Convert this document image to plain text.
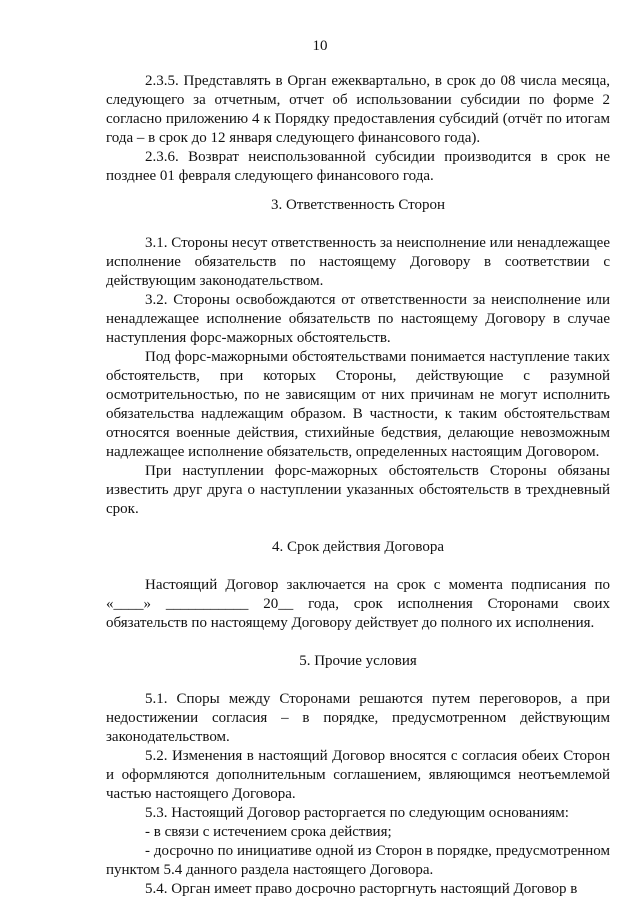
10

2.3.5. Представлять в Орган ежеквартально, в срок до 08 числа месяца, следующего за отчетным, отчет об использовании субсидии по форме 2 согласно приложению 4 к Порядку предоставления субсидий (отчёт по итогам года – в срок до 12 января следующего финансового года).

2.3.6. Возврат неиспользованной субсидии производится в срок не позднее 01 февраля следующего финансового года.

3. Ответственность Сторон

3.1. Стороны несут ответственность за неисполнение или ненадлежащее исполнение обязательств по настоящему Договору в соответствии с действующим законодательством.

3.2. Стороны освобождаются от ответственности за неисполнение или ненадлежащее исполнение обязательств по настоящему Договору в случае наступления форс-мажорных обстоятельств.

Под форс-мажорными обстоятельствами понимается наступление таких обстоятельств, при которых Стороны, действующие с разумной осмотрительностью, по не зависящим от них причинам не могут исполнить обязательства надлежащим образом. В частности, к таким обстоятельствам относятся военные действия, стихийные бедствия, делающие невозможным надлежащее исполнение обязательств, определенных настоящим Договором.

При наступлении форс-мажорных обстоятельств Стороны обязаны известить друг друга о наступлении указанных обстоятельств в трехдневный срок.

4. Срок действия Договора

Настоящий Договор заключается на срок с момента подписания по «____» ___________ 20__ года, срок исполнения Сторонами своих обязательств по настоящему Договору действует до полного их исполнения.

5. Прочие условия

5.1. Споры между Сторонами решаются путем переговоров, а при недостижении согласия – в порядке, предусмотренном действующим законодательством.

5.2. Изменения в настоящий Договор вносятся с согласия обеих Сторон и оформляются дополнительным соглашением, являющимся неотъемлемой частью настоящего Договора.

5.3. Настоящий Договор расторгается по следующим основаниям:

- в связи с истечением срока действия;

- досрочно по инициативе одной из Сторон в порядке, предусмотренном пунктом 5.4 данного раздела настоящего Договора.

5.4. Орган имеет право досрочно расторгнуть настоящий Договор в
